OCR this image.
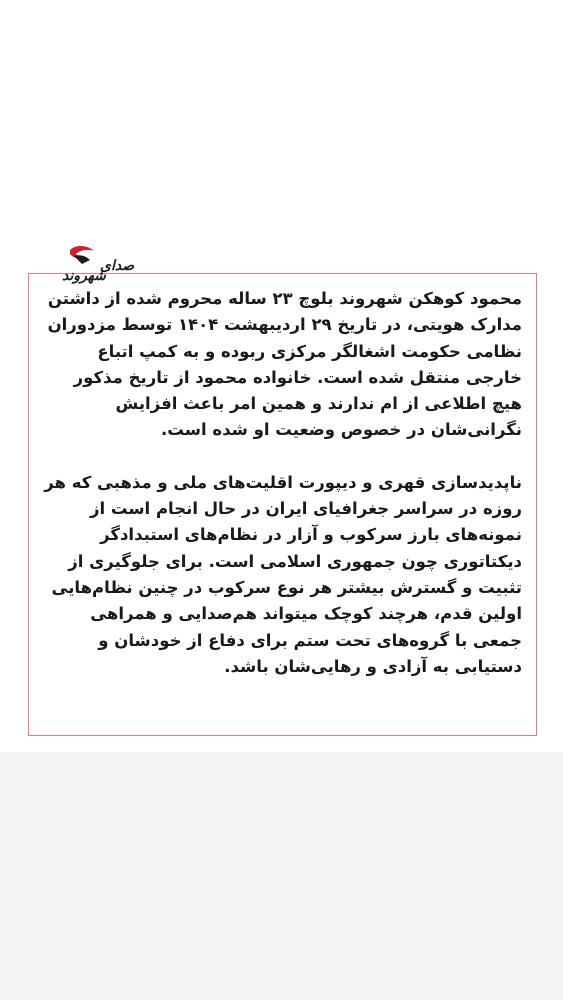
صدای
شهروند

محمود کوهکن شهروند بلوچ ۲۳ ساله محروم شده از داشتن مدارک هویتی، در تاریخ ۲۹ اردیبهشت ۱۴۰۴ توسط مزدوران نظامی حکومت اشغالگر مرکزی ربوده و به کمپ اتباع خارجی منتقل شده است. خانواده محمود از تاریخ مذکور هیچ اطلاعی از ام ندارند و همین امر باعث افزایش نگرانی‌شان در خصوص وضعیت او شده است.

ناپدیدسازی قهری و دیپورت اقلیت‌های ملی و مذهبی که هر روزه در سراسر جغرافیای ایران در حال انجام است از نمونه‌های بارز سرکوب و آزار در نظام‌های استبدادگر دیکتاتوری چون جمهوری اسلامی است. برای جلوگیری از تثبیت و گسترش بیشتر هر نوع سرکوب در چنین نظام‌هایی اولین قدم، هرچند کوچک میتواند هم‌صدایی و همراهی جمعی با گروه‌های تحت ستم برای دفاع از خودشان و دستیابی به آزادی و رهایی‌شان باشد.
